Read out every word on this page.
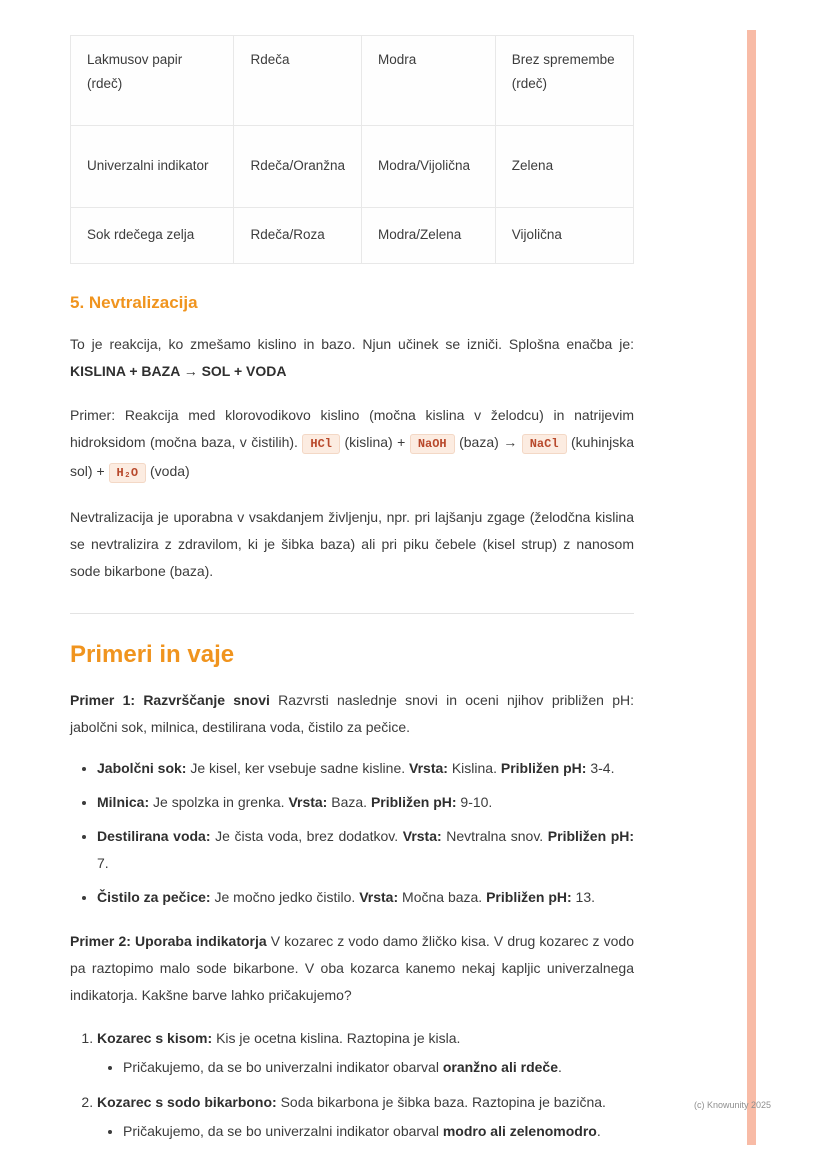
Lakmusov papir (rdeč)	Rdeča	Modra	Brez spremembe (rdeč)
Univerzalni indikator	Rdeča/Oranžna	Modra/Vijolična	Zelena
Sok rdečega zelja	Rdeča/Roza	Modra/Zelena	Vijolična
5. Nevtralizacija

To je reakcija, ko zmešamo kislino in bazo. Njun učinek se izniči. Splošna enačba je: KISLINA + BAZA → SOL + VODA

Primer: Reakcija med klorovodikovo kislino (močna kislina v želodcu) in natrijevim hidroksidom (močna baza, v čistilih). HCl (kislina) + NaOH (baza) → NaCl (kuhinjska sol) + H₂O (voda)

Nevtralizacija je uporabna v vsakdanjem življenju, npr. pri lajšanju zgage (želodčna kislina se nevtralizira z zdravilom, ki je šibka baza) ali pri piku čebele (kisel strup) z nanosom sode bikarbone (baza).

Primeri in vaje

Primer 1: Razvrščanje snovi Razvrsti naslednje snovi in oceni njihov približen pH: jabolčni sok, milnica, destilirana voda, čistilo za pečice.

• Jabolčni sok: Je kisel, ker vsebuje sadne kisline. Vrsta: Kislina. Približen pH: 3-4.
• Milnica: Je spolzka in grenka. Vrsta: Baza. Približen pH: 9-10.
• Destilirana voda: Je čista voda, brez dodatkov. Vrsta: Nevtralna snov. Približen pH: 7.
• Čistilo za pečice: Je močno jedko čistilo. Vrsta: Močna baza. Približen pH: 13.

Primer 2: Uporaba indikatorja V kozarec z vodo damo žličko kisa. V drug kozarec z vodo pa raztopimo malo sode bikarbone. V oba kozarca kanemo nekaj kapljic univerzalnega indikatorja. Kakšne barve lahko pričakujemo?

1. Kozarec s kisom: Kis je ocetna kislina. Raztopina je kisla.
• Pričakujemo, da se bo univerzalni indikator obarval oranžno ali rdeče.
2. Kozarec s sodo bikarbono: Soda bikarbona je šibka baza. Raztopina je bazična.
• Pričakujemo, da se bo univerzalni indikator obarval modro ali zelenomodro.
(c) Knowunity 2025
